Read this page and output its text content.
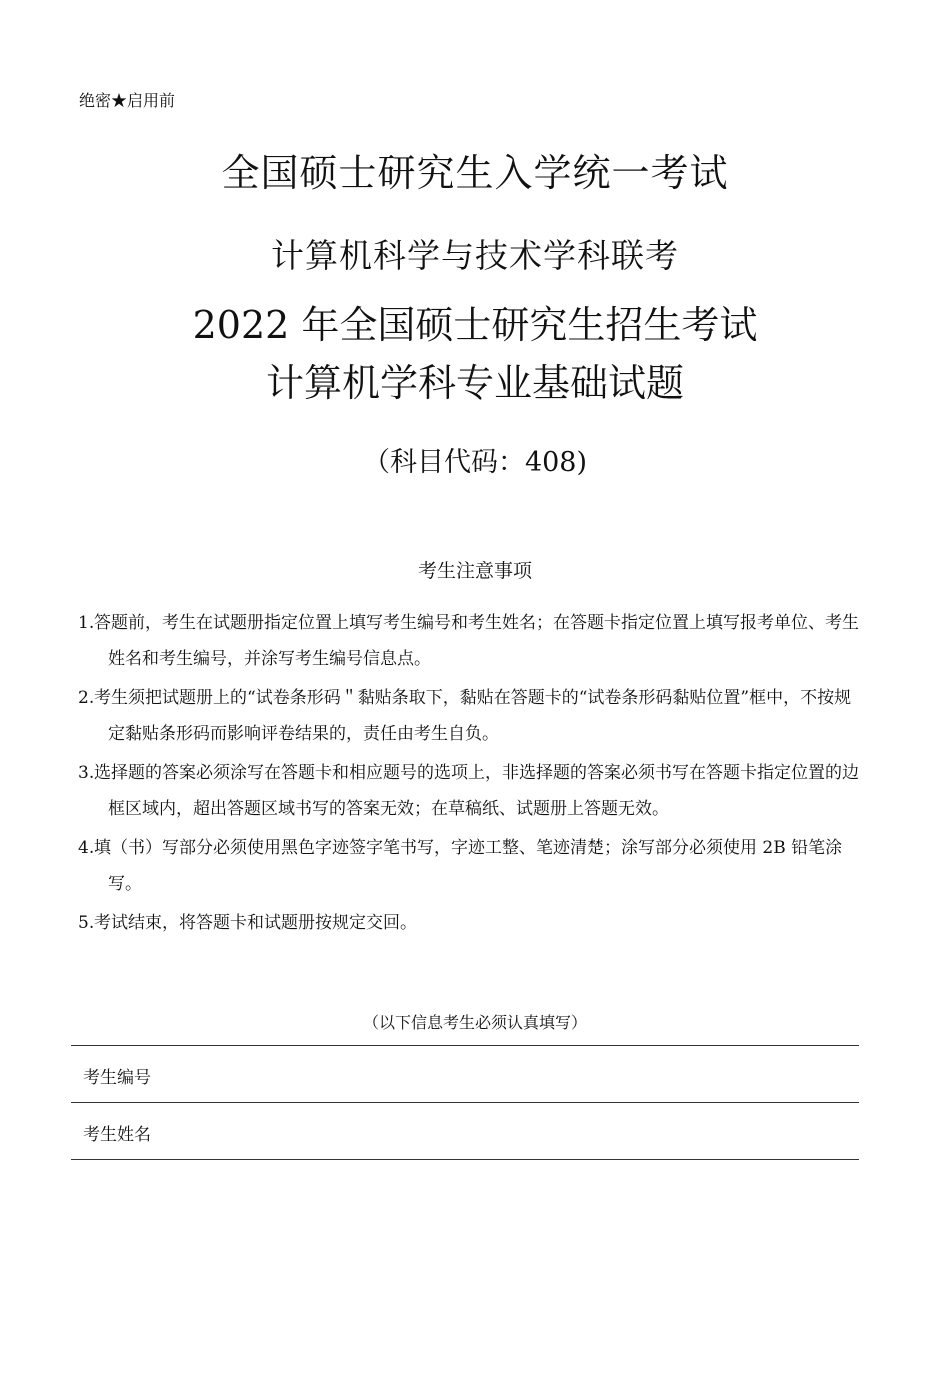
绝密★启用前
全国硕士研究生入学统一考试
计算机科学与技术学科联考
2022 年全国硕士研究生招生考试
计算机学科专业基础试题
（科目代码：408)
考生注意事项
1. 答题前，考生在试题册指定位置上填写考生编号和考生姓名；在答题卡指定位置上填写报考单位、考生姓名和考生编号，并涂写考生编号信息点。
2. 考生须把试题册上的“试卷条形码＂黏贴条取下，黏贴在答题卡的“试卷条形码黏贴位置”框中，不按规定黏贴条形码而影响评卷结果的，责任由考生自负。
3. 选择题的答案必须涂写在答题卡和相应题号的选项上，非选择题的答案必须书写在答题卡指定位置的边框区域内，超出答题区域书写的答案无效；在草稿纸、试题册上答题无效。
4. 填（书）写部分必须使用黑色字迹签字笔书写，字迹工整、笔迹清楚；涂写部分必须使用 2B 铅笔涂写。
5. 考试结束，将答题卡和试题册按规定交回。
（以下信息考生必须认真填写）
考生编号
考生姓名
